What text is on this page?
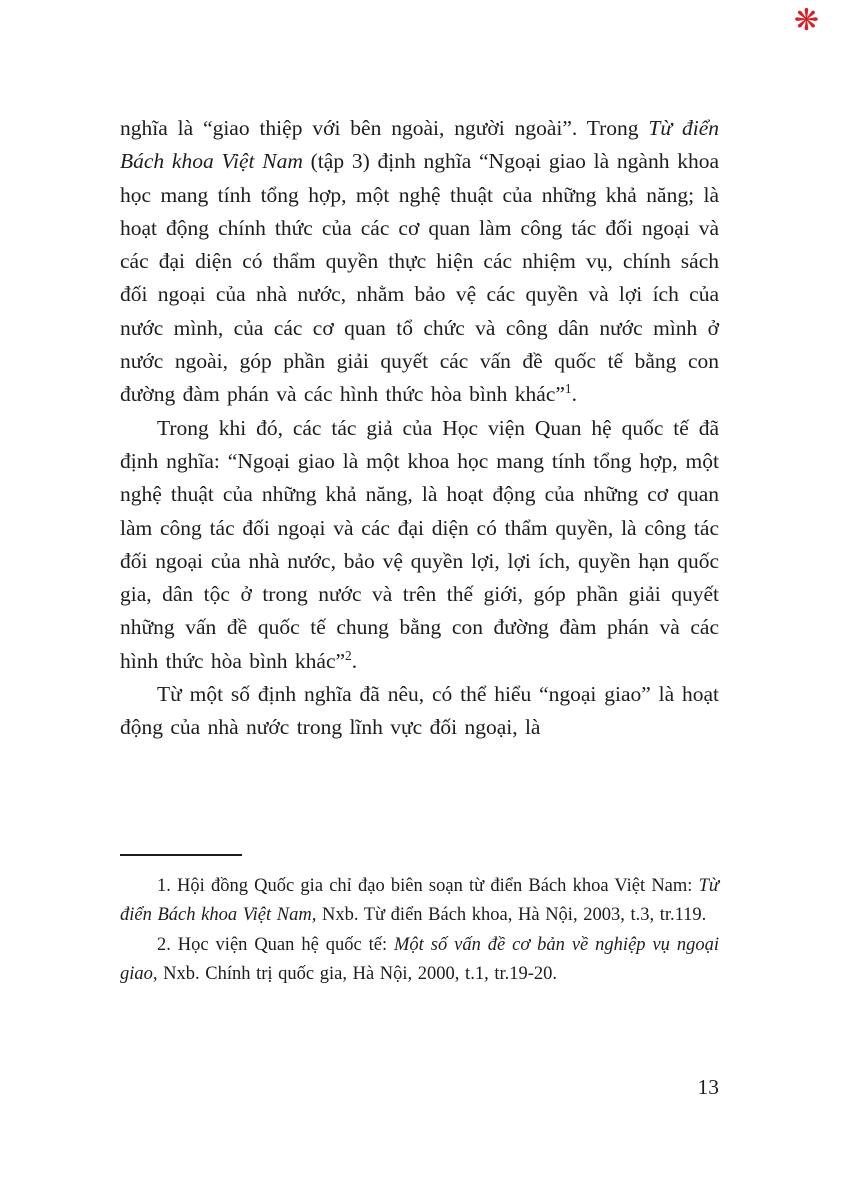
❋

nghĩa là “giao thiệp với bên ngoài, người ngoài”. Trong Từ điển Bách khoa Việt Nam (tập 3) định nghĩa “Ngoại giao là ngành khoa học mang tính tổng hợp, một nghệ thuật của những khả năng; là hoạt động chính thức của các cơ quan làm công tác đối ngoại và các đại diện có thẩm quyền thực hiện các nhiệm vụ, chính sách đối ngoại của nhà nước, nhằm bảo vệ các quyền và lợi ích của nước mình, của các cơ quan tổ chức và công dân nước mình ở nước ngoài, góp phần giải quyết các vấn đề quốc tế bằng con đường đàm phán và các hình thức hòa bình khác”$^1$.

Trong khi đó, các tác giả của Học viện Quan hệ quốc tế đã định nghĩa: “Ngoại giao là một khoa học mang tính tổng hợp, một nghệ thuật của những khả năng, là hoạt động của những cơ quan làm công tác đối ngoại và các đại diện có thẩm quyền, là công tác đối ngoại của nhà nước, bảo vệ quyền lợi, lợi ích, quyền hạn quốc gia, dân tộc ở trong nước và trên thế giới, góp phần giải quyết những vấn đề quốc tế chung bằng con đường đàm phán và các hình thức hòa bình khác”$^2$.

Từ một số định nghĩa đã nêu, có thể hiểu “ngoại giao” là hoạt động của nhà nước trong lĩnh vực đối ngoại, là

1. Hội đồng Quốc gia chỉ đạo biên soạn từ điển Bách khoa Việt Nam: Từ điển Bách khoa Việt Nam, Nxb. Từ điển Bách khoa, Hà Nội, 2003, t.3, tr.119.

2. Học viện Quan hệ quốc tế: Một số vấn đề cơ bản về nghiệp vụ ngoại giao, Nxb. Chính trị quốc gia, Hà Nội, 2000, t.1, tr.19-20.

13
